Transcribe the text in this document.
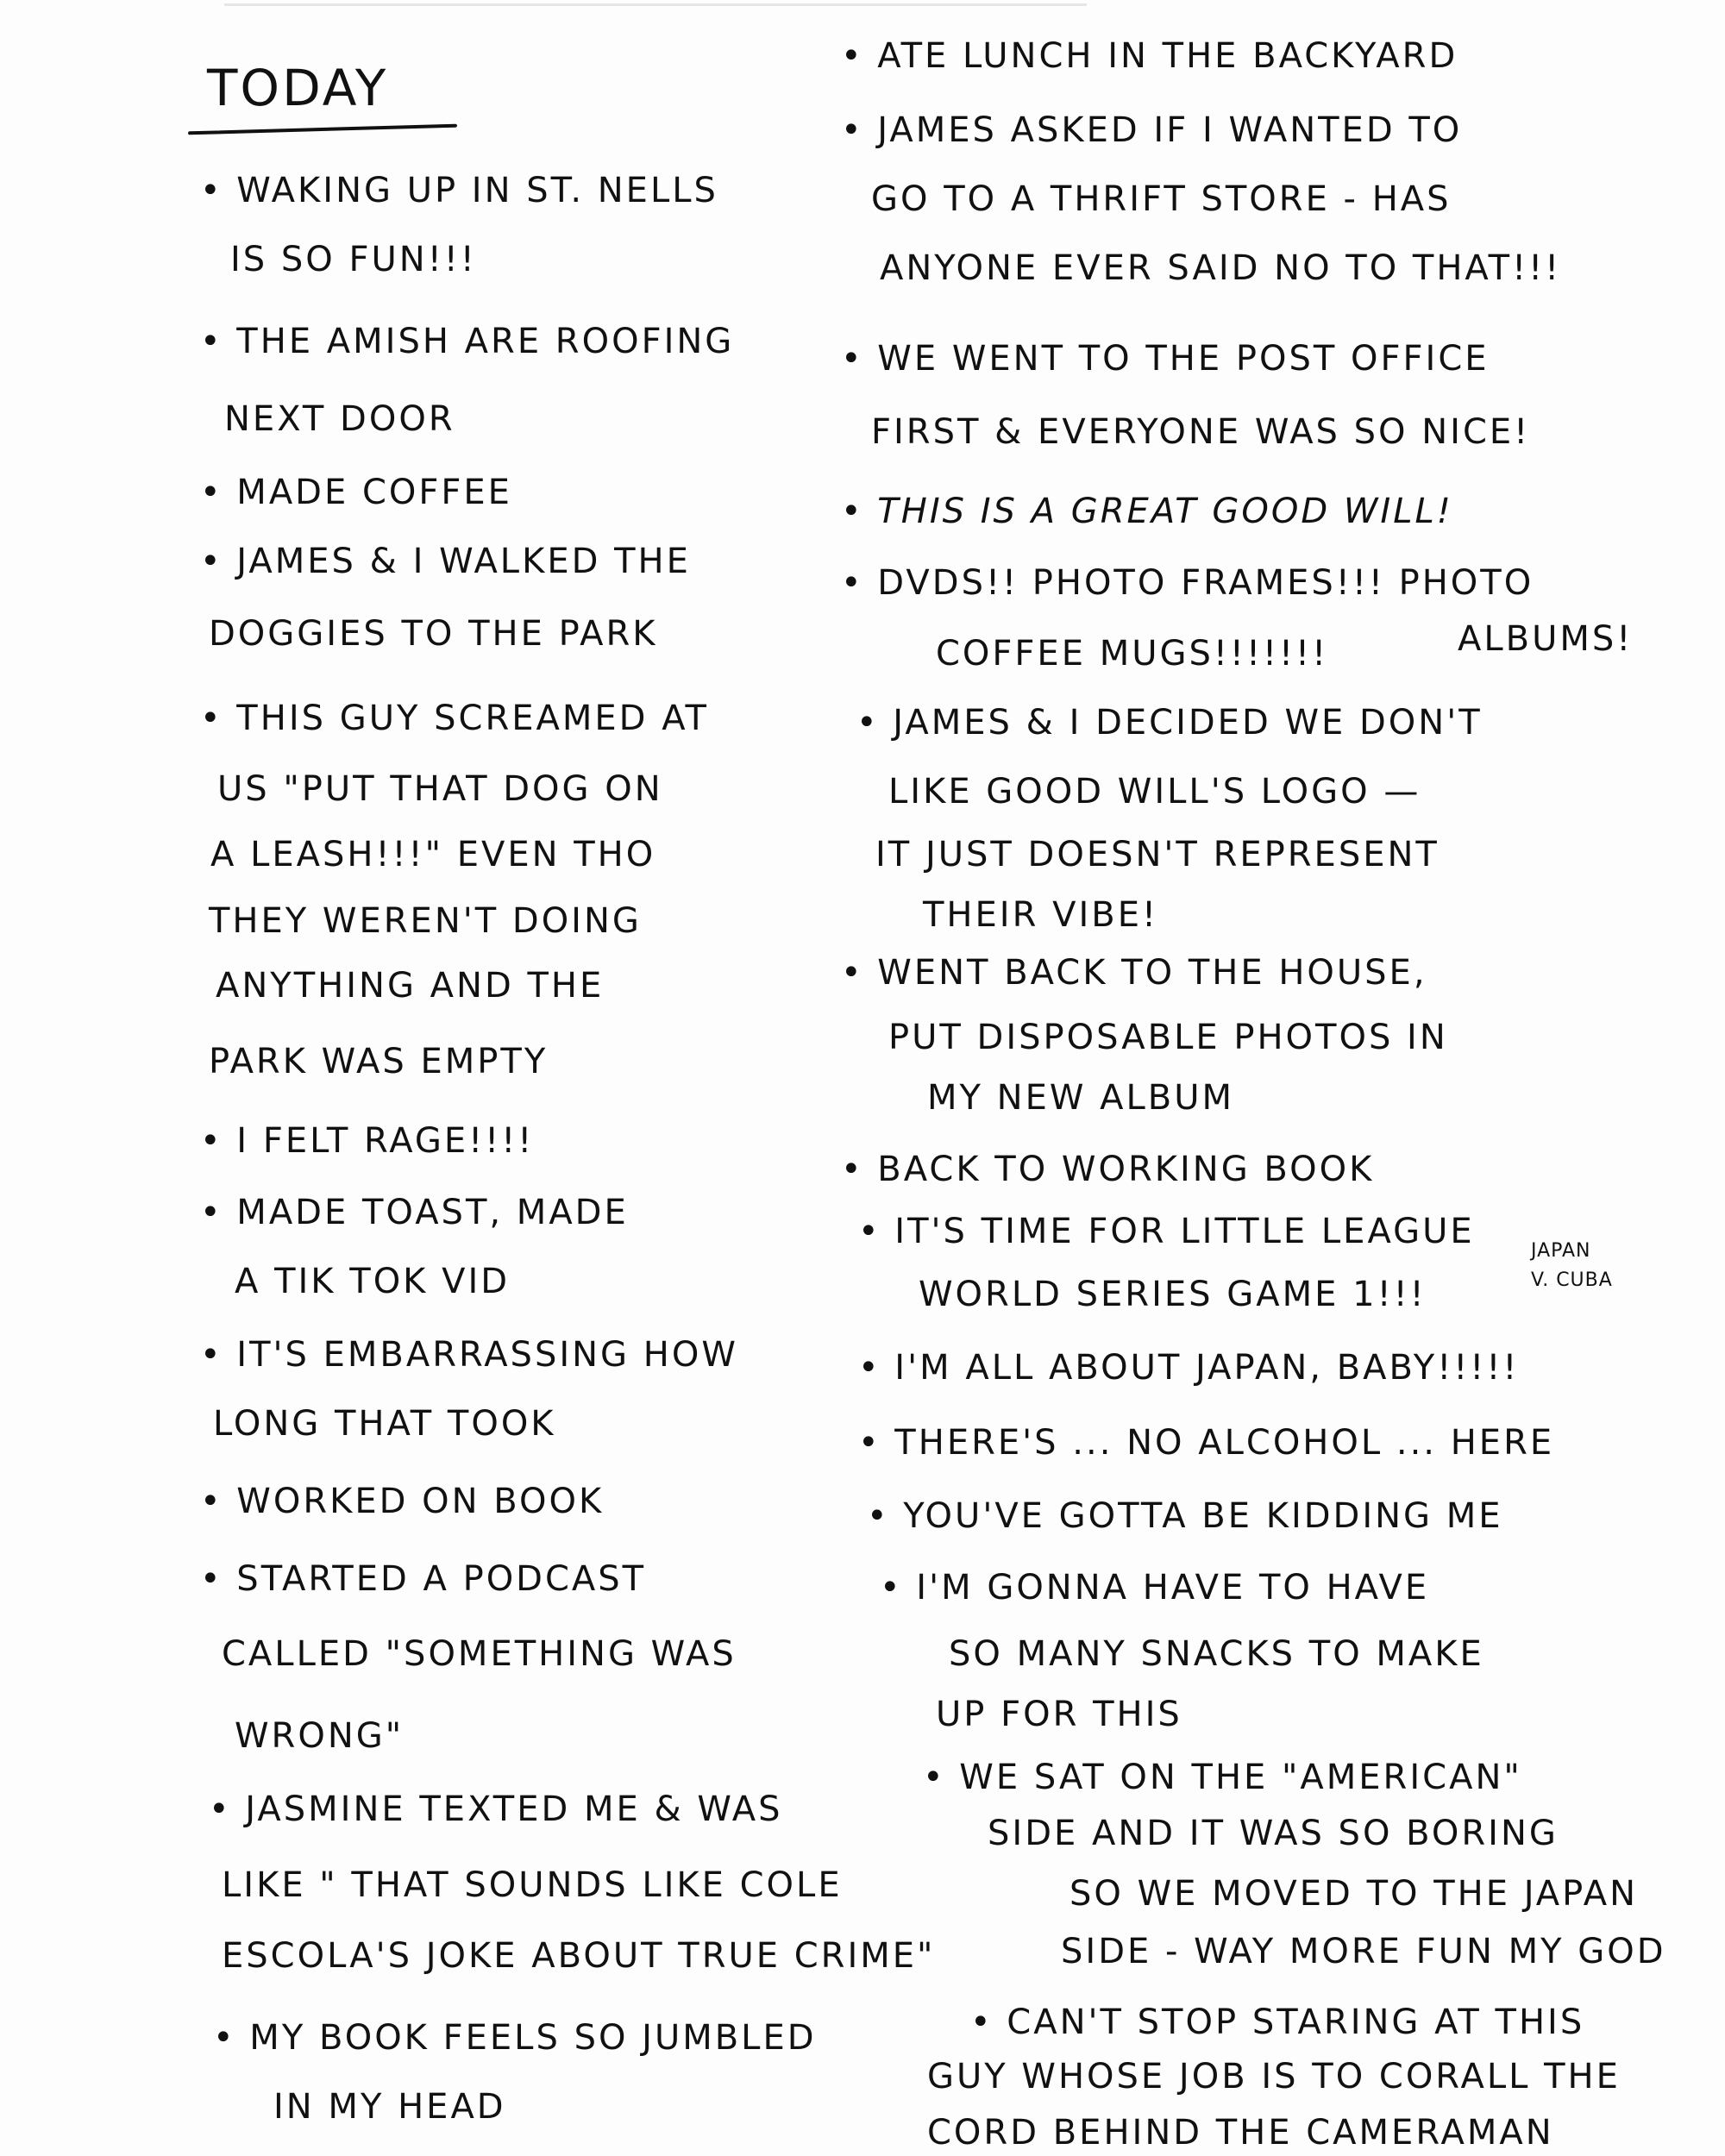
TODAY
• WAKING UP IN ST. NELLS
IS SO FUN!!!
• THE AMISH ARE ROOFING
NEXT DOOR
• MADE COFFEE
• JAMES & I WALKED THE
DOGGIES TO THE PARK
• THIS GUY SCREAMED AT
US "PUT THAT DOG ON
A LEASH!!!" EVEN THO
THEY WEREN'T DOING
ANYTHING AND THE
PARK WAS EMPTY
• I FELT RAGE!!!!
• MADE TOAST, MADE
A TIK TOK VID
• IT'S EMBARRASSING HOW
LONG THAT TOOK
• WORKED ON BOOK
• STARTED A PODCAST
CALLED "SOMETHING WAS
WRONG"
• JASMINE TEXTED ME & WAS
LIKE " THAT SOUNDS LIKE COLE
ESCOLA'S JOKE ABOUT TRUE CRIME"
• MY BOOK FEELS SO JUMBLED
IN MY HEAD
• ATE LUNCH IN THE BACKYARD
• JAMES ASKED IF I WANTED TO
GO TO A THRIFT STORE - HAS
ANYONE EVER SAID NO TO THAT!!!
• WE WENT TO THE POST OFFICE
FIRST & EVERYONE WAS SO NICE!
• THIS IS A GREAT GOOD WILL!
• DVDS!! PHOTO FRAMES!!! PHOTO
COFFEE MUGS!!!!!!!	ALBUMS!
• JAMES & I DECIDED WE DON'T
LIKE GOOD WILL'S LOGO —
IT JUST DOESN'T REPRESENT
THEIR VIBE!
• WENT BACK TO THE HOUSE,
PUT DISPOSABLE PHOTOS IN
MY NEW ALBUM
• BACK TO WORKING BOOK
• IT'S TIME FOR LITTLE LEAGUE
WORLD SERIES GAME 1!!!
JAPAN
V. CUBA
• I'M ALL ABOUT JAPAN, BABY!!!!!
• THERE'S ... NO ALCOHOL ... HERE
• YOU'VE GOTTA BE KIDDING ME
• I'M GONNA HAVE TO HAVE
SO MANY SNACKS TO MAKE
UP FOR THIS
• WE SAT ON THE "AMERICAN"
SIDE AND IT WAS SO BORING
SO WE MOVED TO THE JAPAN
SIDE - WAY MORE FUN MY GOD
• CAN'T STOP STARING AT THIS
GUY WHOSE JOB IS TO CORALL THE
CORD BEHIND THE CAMERAMAN
